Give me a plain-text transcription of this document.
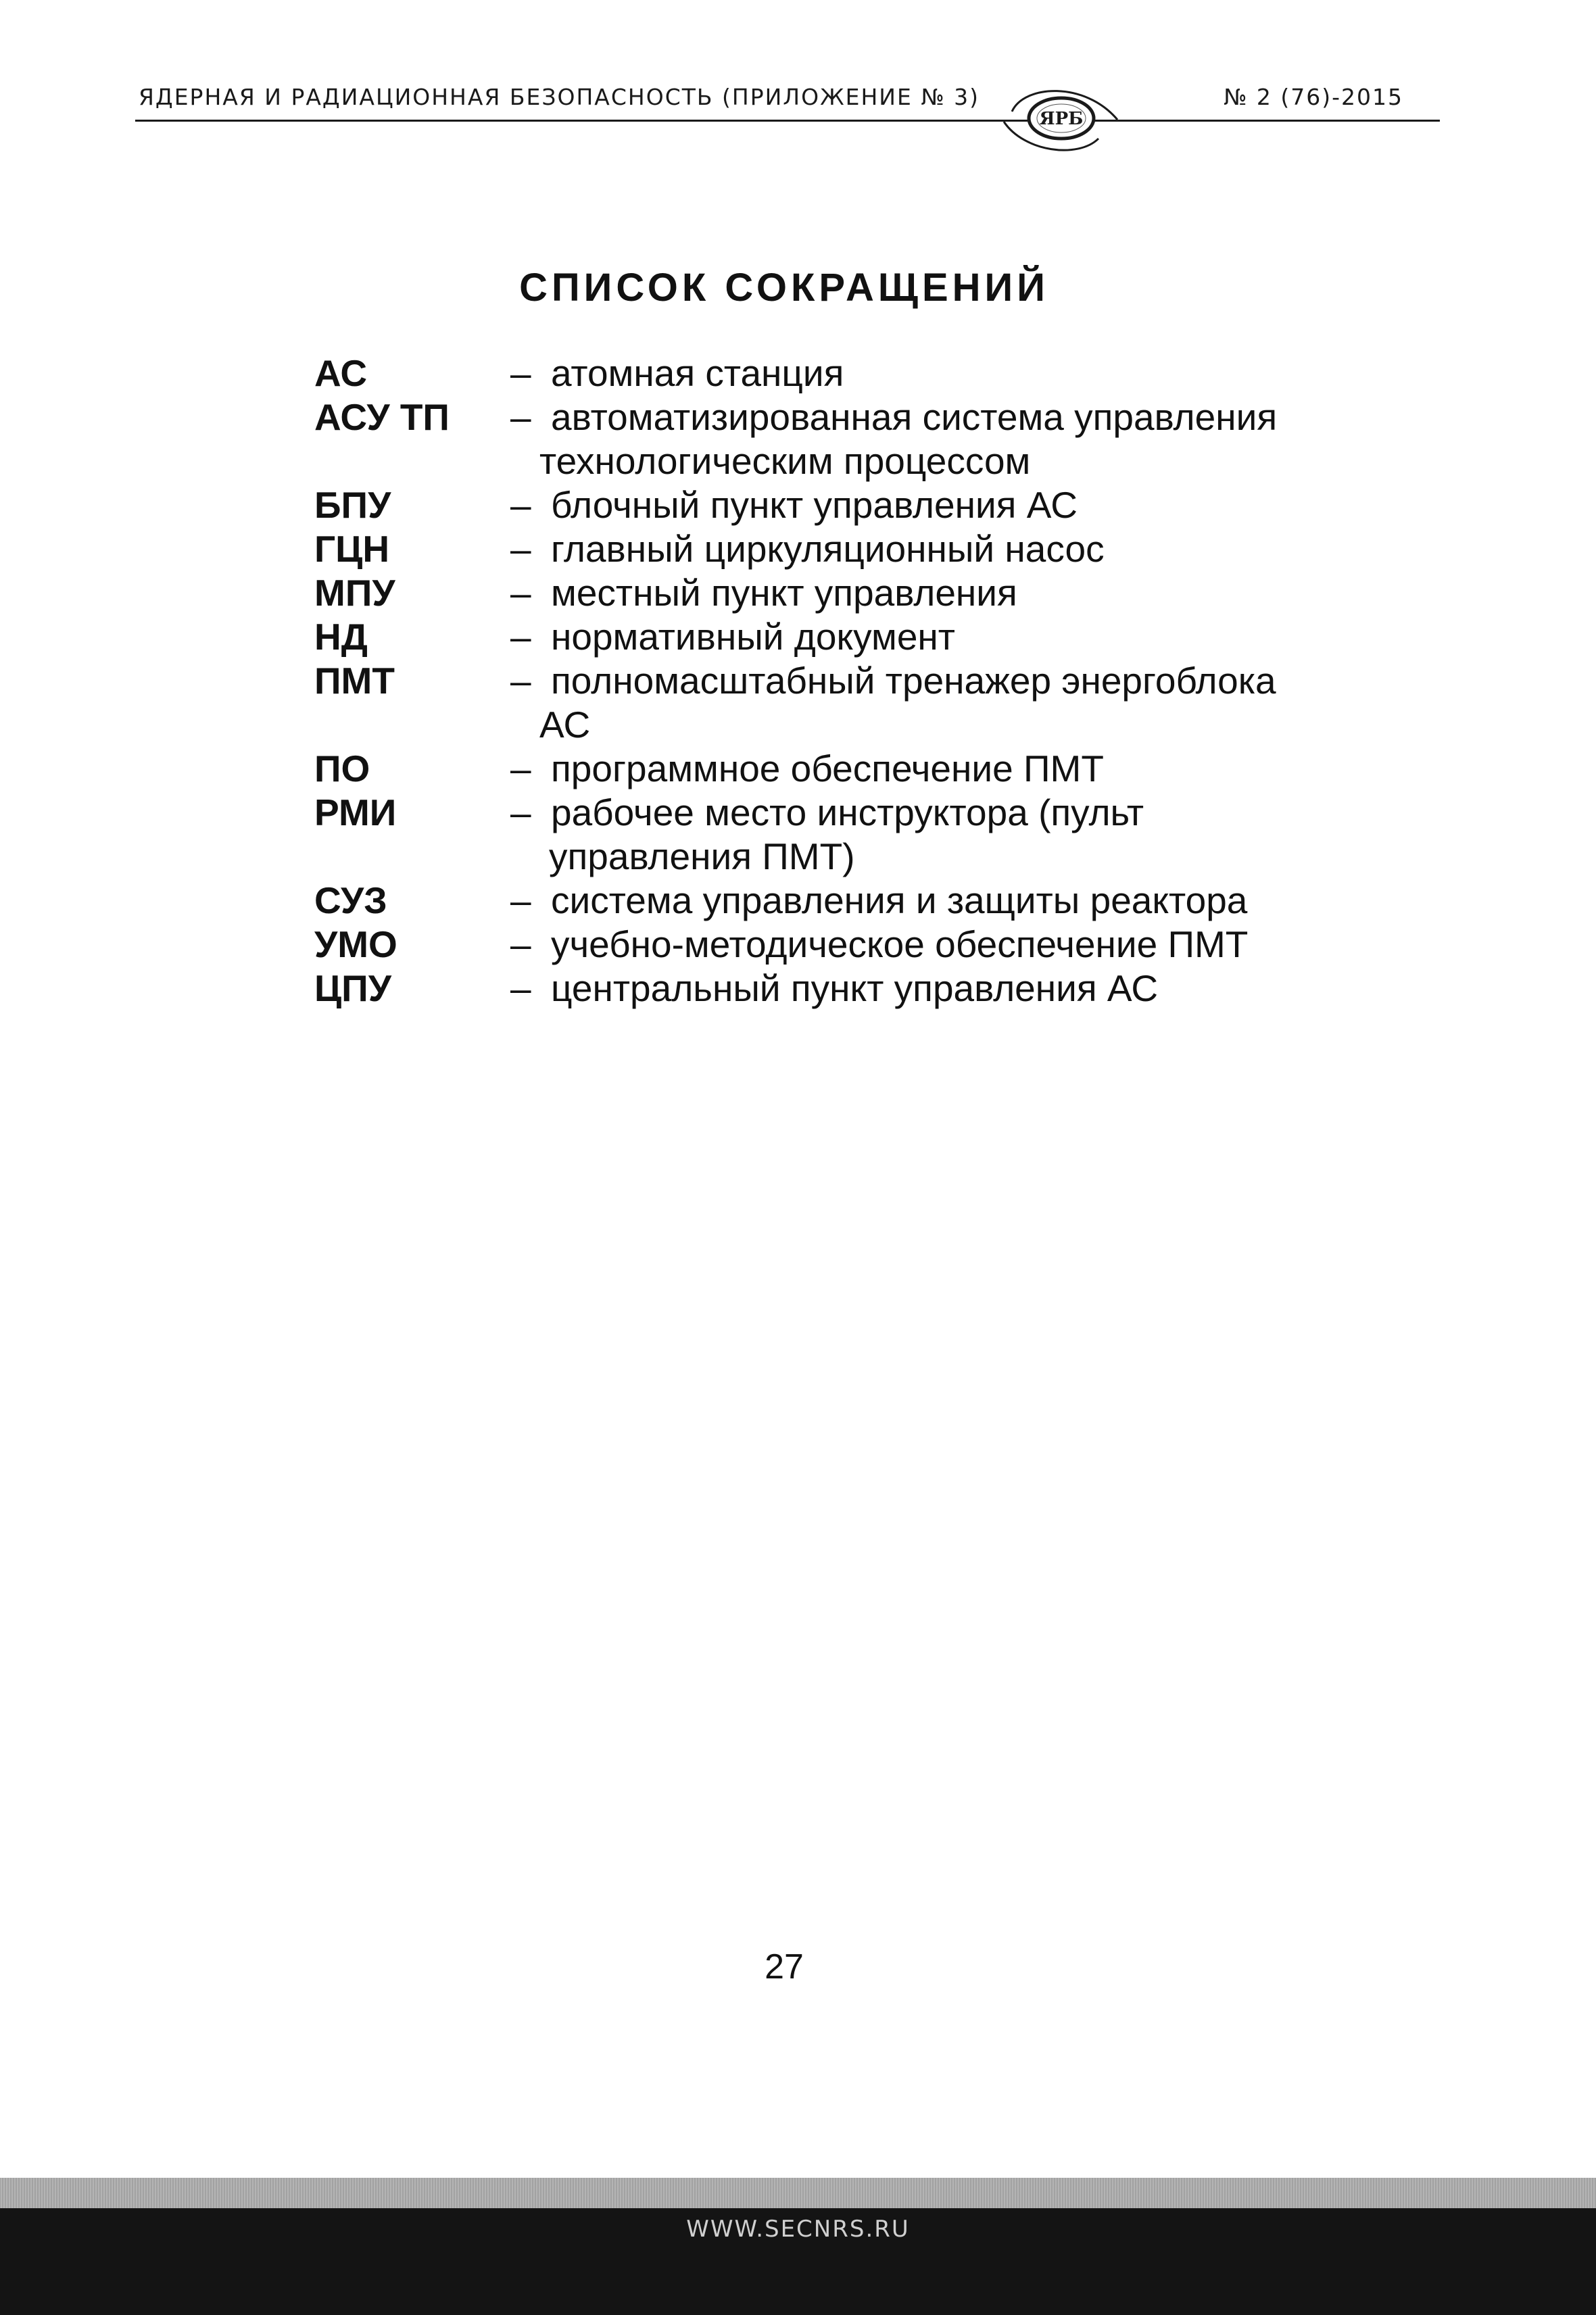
ЯДЕРНАЯ И РАДИАЦИОННАЯ БЕЗОПАСНОСТЬ (ПРИЛОЖЕНИЕ № 3)	№ 2 (76)-2015
ЯРБ
СПИСОК СОКРАЩЕНИЙ
АС	– атомная станция
АСУ ТП – автоматизированная система управления
технологическим процессом
БПУ	– блочный пункт управления АС
ГЦН	– главный циркуляционный насос
МПУ	– местный пункт управления
НД	– нормативный документ
ПМТ	– полномасштабный тренажер энергоблока
АС
ПО	– программное обеспечение ПМТ
РМИ	– рабочее место инструктора (пульт
управления ПМТ)
СУЗ	– система управления и защиты реактора
УМО	– учебно-методическое обеспечение ПМТ
ЦПУ	– центральный пункт управления АС
27
WWW.SECNRS.RU
